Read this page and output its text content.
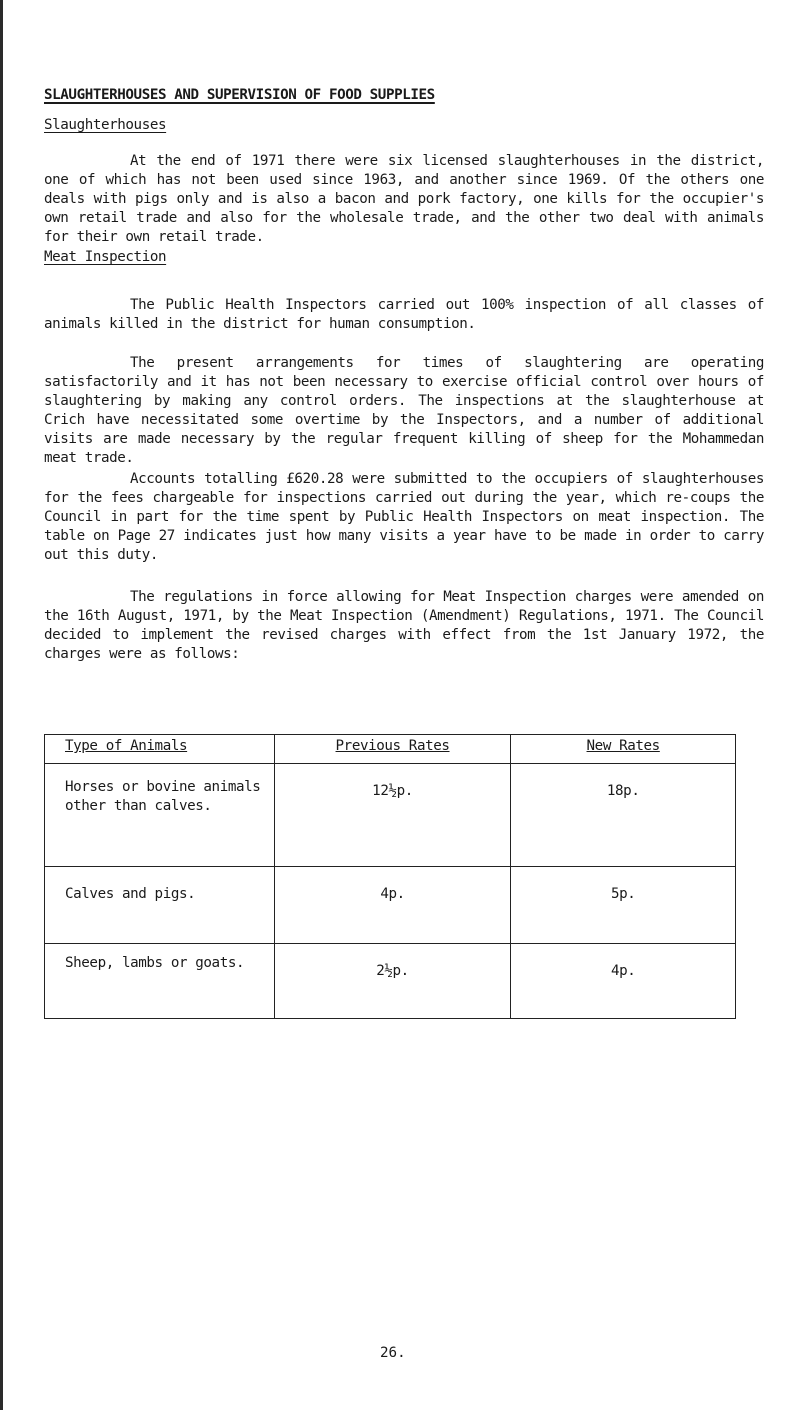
SLAUGHTERHOUSES AND SUPERVISION OF FOOD SUPPLIES
Slaughterhouses

At the end of 1971 there were six licensed slaughterhouses in the district, one of which has not been used since 1963, and another since 1969. Of the others one deals with pigs only and is also a bacon and pork factory, one kills for the occupier's own retail trade and also for the wholesale trade, and the other two deal with animals for their own retail trade.

Meat Inspection

The Public Health Inspectors carried out 100% inspection of all classes of animals killed in the district for human consumption.

The present arrangements for times of slaughtering are operating satisfactorily and it has not been necessary to exercise official control over hours of slaughtering by making any control orders. The inspections at the slaughterhouse at Crich have necessitated some overtime by the Inspectors, and a number of additional visits are made necessary by the regular frequent killing of sheep for the Mohammedan meat trade.

Accounts totalling £620.28 were submitted to the occupiers of slaughterhouses for the fees chargeable for inspections carried out during the year, which re-coups the Council in part for the time spent by Public Health Inspectors on meat inspection. The table on Page 27 indicates just how many visits a year have to be made in order to carry out this duty.

The regulations in force allowing for Meat Inspection charges were amended on the 16th August, 1971, by the Meat Inspection (Amendment) Regulations, 1971. The Council decided to implement the revised charges with effect from the 1st January 1972, the charges were as follows:

Type of Animals	Previous Rates	New Rates
Horses or bovine animals other than calves.	12½p.	18p.
Calves and pigs.	4p.	5p.
Sheep, lambs or goats.	2½p.	4p.
26.
